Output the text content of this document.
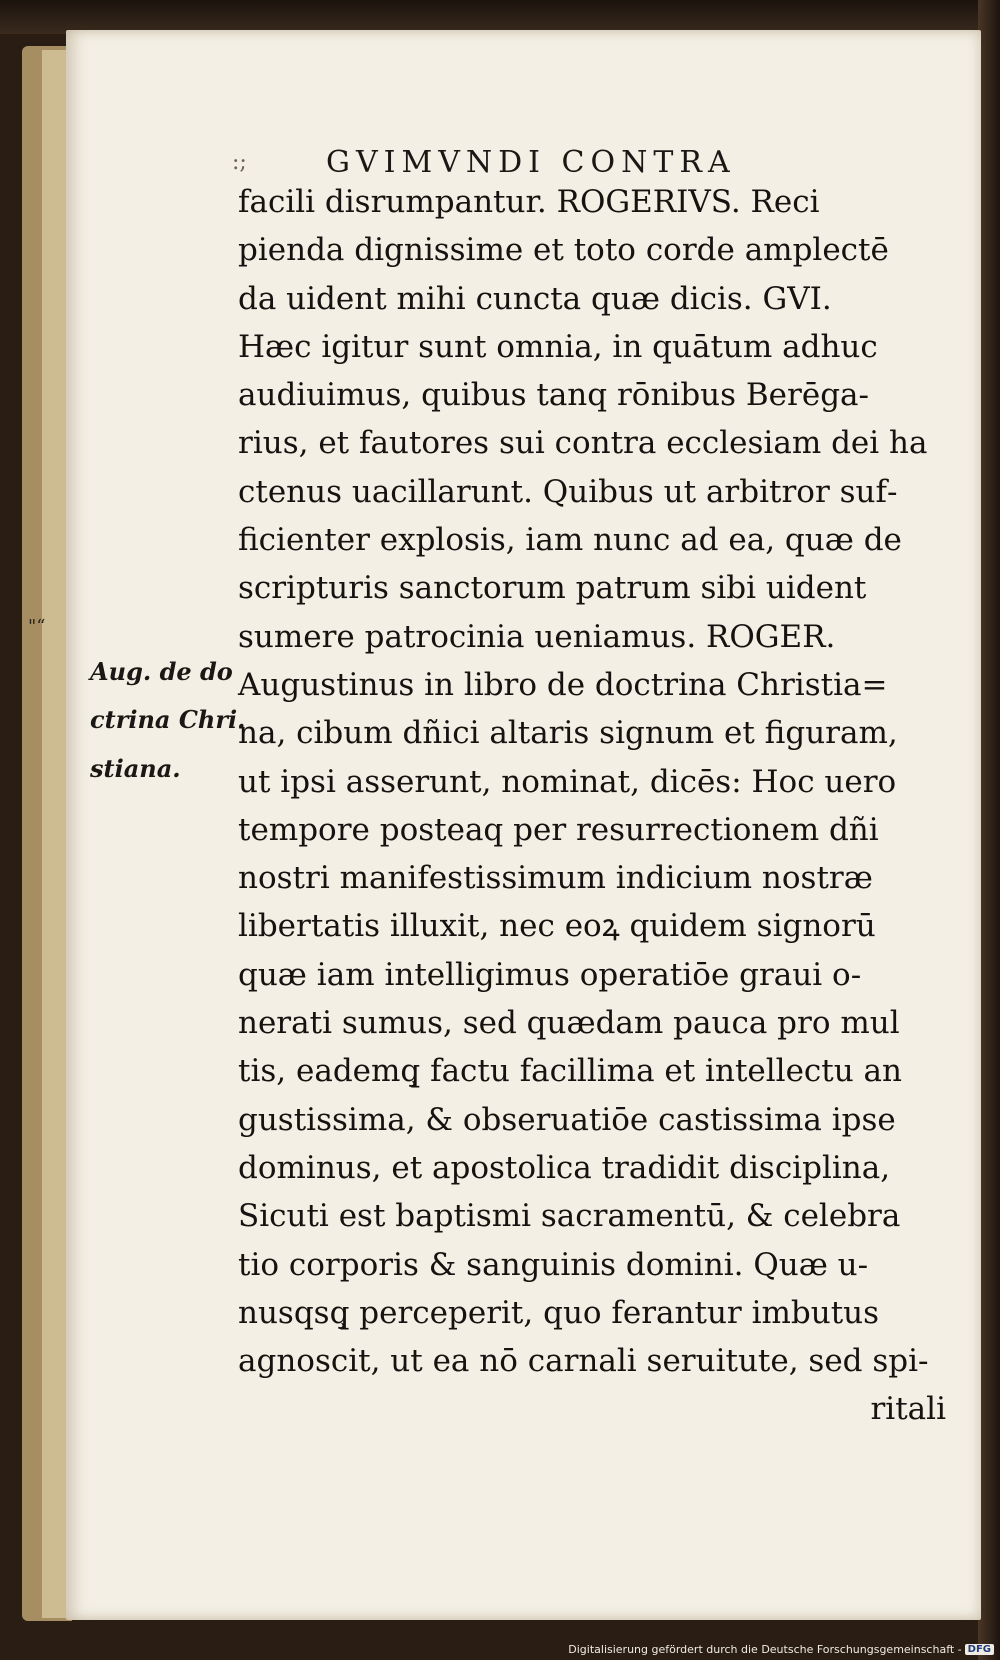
:;	GVIMVNDI CONTRA
"“
Aug. de do
ctrina Chri.
stiana.
facili disrumpantur. ROGERIVS. Reci
pienda dignissime et toto corde amplectē
da uident mihi cuncta quæ dicis. GVI.
Hæc igitur sunt omnia, in quātum adhuc
audiuimus, quibus tanq rōnibus Berēga‑
rius, et fautores sui contra ecclesiam dei ha
ctenus uacillarunt. Quibus ut arbitror suf‑
ficienter explosis, iam nunc ad ea, quæ de
scripturis sanctorum patrum sibi uident
sumere patrocinia ueniamus. ROGER.
Augustinus in libro de doctrina Christia=
na, cibum dñici altaris signum et figuram,
ut ipsi asserunt, nominat, dicēs: Hoc uero
tempore posteaq per resurrectionem dñi
nostri manifestissimum indicium nostræ
libertatis illuxit, nec eoꝝ quidem signorū
quæ iam intelligimus operatiōe graui o‑
nerati sumus, sed quædam pauca pro mul
tis, eademq̧ factu facillima et intellectu an
gustissima, & obseruatiōe castissima ipse
dominus, et apostolica tradidit disciplina,
Sicuti est baptismi sacramentū, & celebra
tio corporis & sanguinis domini. Quæ u‑
nusqsq̧ perceperit, quo ferantur imbutus
agnoscit, ut ea nō carnali seruitute, sed spi‑
ritali
Digitalisierung gefördert durch die Deutsche Forschungsgemeinschaft - DFG
